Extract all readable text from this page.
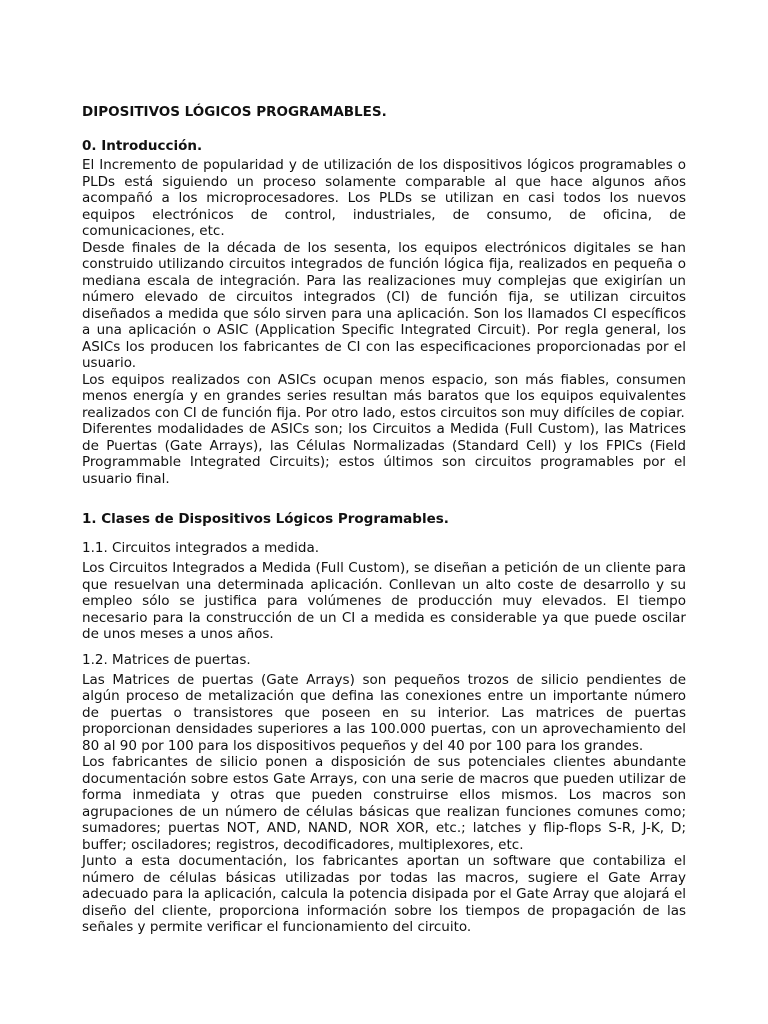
DIPOSITIVOS LÓGICOS PROGRAMABLES.
0. Introducción.

El Incremento de popularidad y de utilización de los dispositivos lógicos programables o PLDs está siguiendo un proceso solamente comparable al que hace algunos años acompañó a los microprocesadores. Los PLDs se utilizan en casi todos los nuevos equipos electrónicos de control, industriales, de consumo, de oficina, de comunicaciones, etc.

Desde finales de la década de los sesenta, los equipos electrónicos digitales se han construido utilizando circuitos integrados de función lógica fija, realizados en pequeña o mediana escala de integración. Para las realizaciones muy complejas que exigirían un número elevado de circuitos integrados (CI) de función fija, se utilizan circuitos diseñados a medida que sólo sirven para una aplicación. Son los llamados CI específicos a una aplicación o ASIC (Application Specific Integrated Circuit). Por regla general, los ASICs los producen los fabricantes de CI con las especificaciones proporcionadas por el usuario.

Los equipos realizados con ASICs ocupan menos espacio, son más fiables, consumen menos energía y en grandes series resultan más baratos que los equipos equivalentes realizados con CI de función fija. Por otro lado, estos circuitos son muy difíciles de copiar.

Diferentes modalidades de ASICs son; los Circuitos a Medida (Full Custom), las Matrices de Puertas (Gate Arrays), las Células Normalizadas (Standard Cell) y los FPICs (Field Programmable Integrated Circuits); estos últimos son circuitos programables por el usuario final.

1. Clases de Dispositivos Lógicos Programables.
1.1. Circuitos integrados a medida.

Los Circuitos Integrados a Medida (Full Custom), se diseñan a petición de un cliente para que resuelvan una determinada aplicación. Conllevan un alto coste de desarrollo y su empleo sólo se justifica para volúmenes de producción muy elevados. El tiempo necesario para la construcción de un CI a medida es considerable ya que puede oscilar de unos meses a unos años.

1.2. Matrices de puertas.

Las Matrices de puertas (Gate Arrays) son pequeños trozos de silicio pendientes de algún proceso de metalización que defina las conexiones entre un importante número de puertas o transistores que poseen en su interior. Las matrices de puertas proporcionan densidades superiores a las 100.000 puertas, con un aprovechamiento del 80 al 90 por 100 para los dispositivos pequeños y del 40 por 100 para los grandes.

Los fabricantes de silicio ponen a disposición de sus potenciales clientes abundante documentación sobre estos Gate Arrays, con una serie de macros que pueden utilizar de forma inmediata y otras que pueden construirse ellos mismos. Los macros son agrupaciones de un número de células básicas que realizan funciones comunes como; sumadores; puertas NOT, AND, NAND, NOR XOR, etc.; latches y flip-flops S-R, J-K, D; buffer; osciladores; registros, decodificadores, multiplexores, etc.

Junto a esta documentación, los fabricantes aportan un software que contabiliza el número de células básicas utilizadas por todas las macros, sugiere el Gate Array adecuado para la aplicación, calcula la potencia disipada por el Gate Array que alojará el diseño del cliente, proporciona información sobre los tiempos de propagación de las señales y permite verificar el funcionamiento del circuito.
